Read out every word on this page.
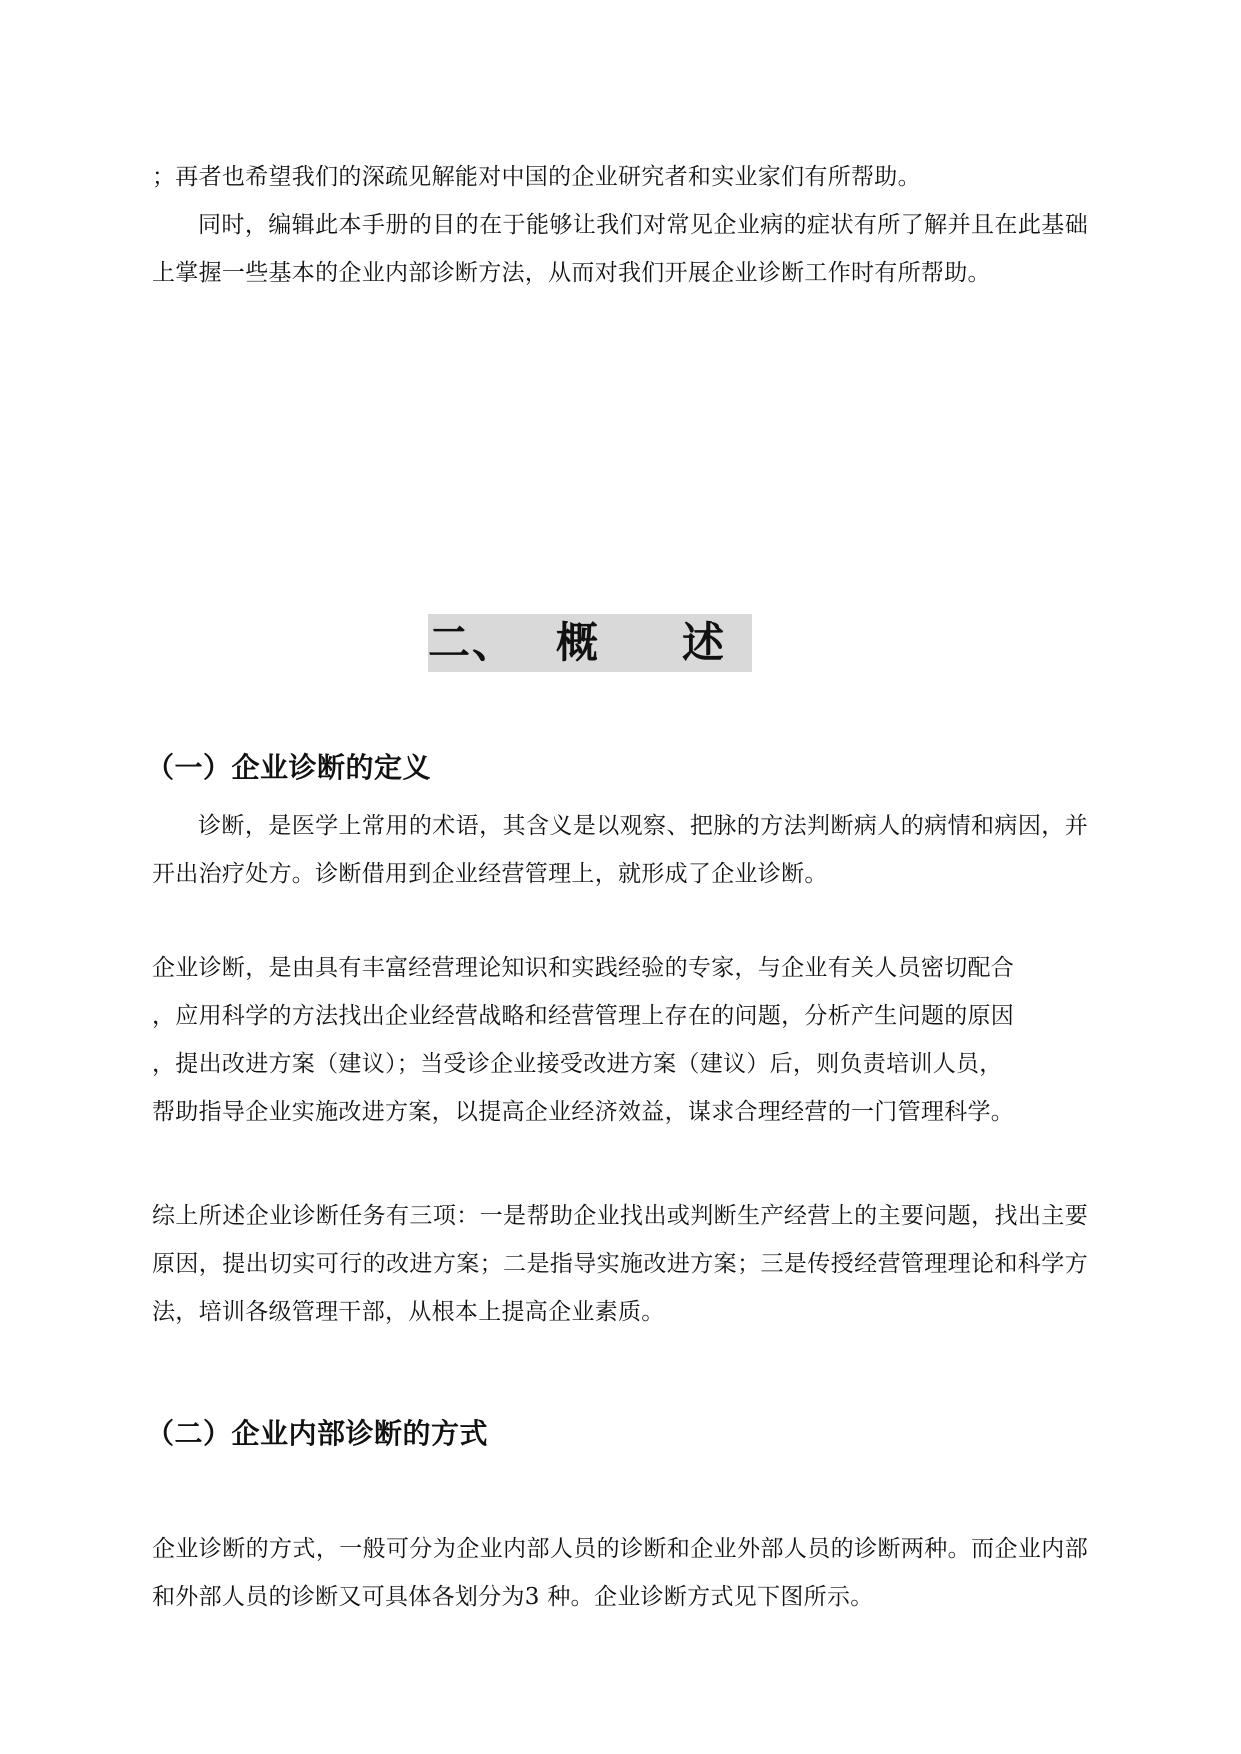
；再者也希望我们的深疏见解能对中国的企业研究者和实业家们有所帮助。

同时，编辑此本手册的目的在于能够让我们对常见企业病的症状有所了解并且在此基础上掌握一些基本的企业内部诊断方法，从而对我们开展企业诊断工作时有所帮助。

二、 概 述
（一）企业诊断的定义

诊断，是医学上常用的术语，其含义是以观察、把脉的方法判断病人的病情和病因，并开出治疗处方。诊断借用到企业经营管理上，就形成了企业诊断。

企业诊断，是由具有丰富经营理论知识和实践经验的专家，与企业有关人员密切配合

，应用科学的方法找出企业经营战略和经营管理上存在的问题，分析产生问题的原因

，提出改进方案（建议）；当受诊企业接受改进方案（建议）后，则负责培训人员，

帮助指导企业实施改进方案，以提高企业经济效益，谋求合理经营的一门管理科学。

综上所述企业诊断任务有三项：一是帮助企业找出或判断生产经营上的主要问题，找出主要原因，提出切实可行的改进方案；二是指导实施改进方案；三是传授经营管理理论和科学方法，培训各级管理干部，从根本上提高企业素质。

（二）企业内部诊断的方式

企业诊断的方式，一般可分为企业内部人员的诊断和企业外部人员的诊断两种。而企业内部和外部人员的诊断又可具体各划分为3 种。企业诊断方式见下图所示。
